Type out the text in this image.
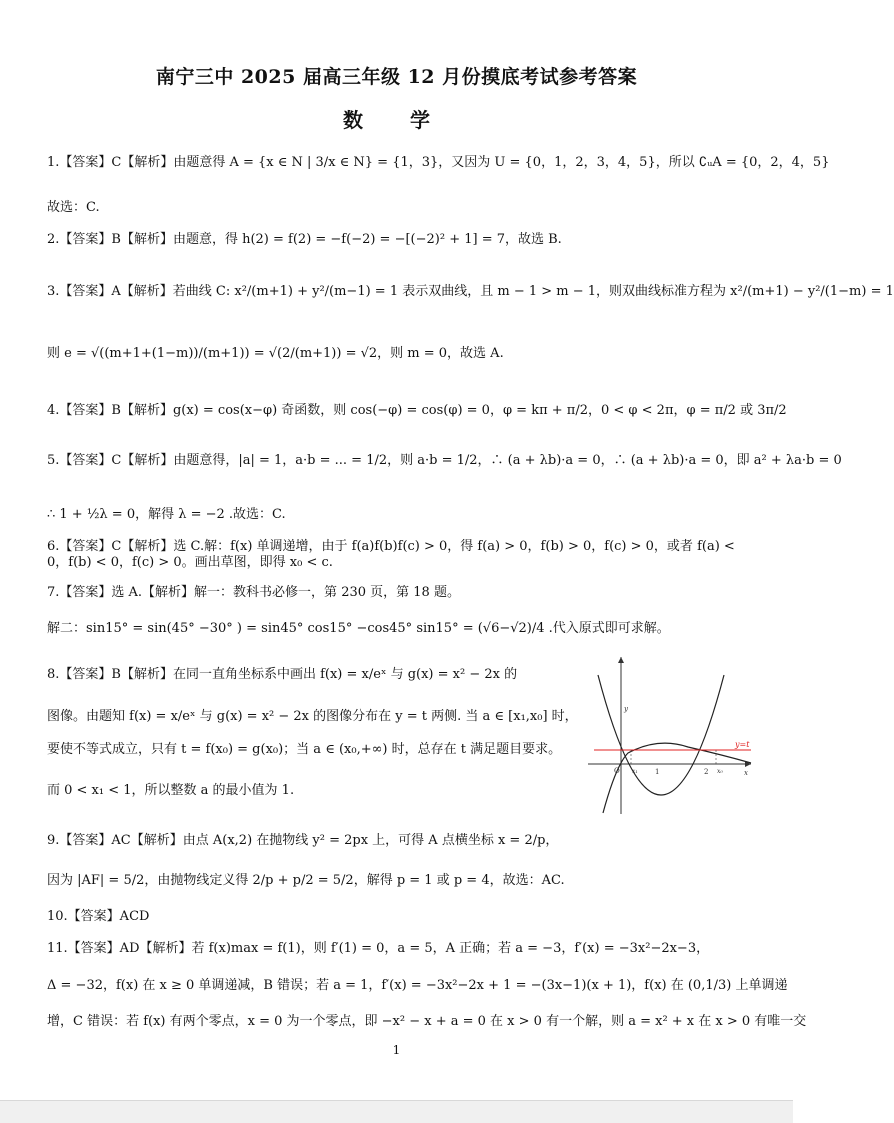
南宁三中 2025 届高三年级 12 月份摸底考试参考答案
数 学
1.【答案】C【解析】由题意得 A = {x ∈ N | 3/x ∈ N} = {1，3}，又因为 U = {0，1，2，3，4，5}，所以 ∁ᵤA = {0，2，4，5}
故选：C.
2.【答案】B【解析】由题意，得 h(2) = f(2) = −f(−2) = −[(−2)² + 1] = 7，故选 B.
3.【答案】A【解析】若曲线 C: x²/(m+1) + y²/(m−1) = 1 表示双曲线，且 m − 1 > m − 1，则双曲线标准方程为 x²/(m+1) − y²/(1−m) = 1
则 e = √((m+1+(1−m))/(m+1)) = √(2/(m+1)) = √2，则 m = 0，故选 A.
4.【答案】B【解析】g(x) = cos(x−φ) 奇函数，则 cos(−φ) = cos(φ) = 0，φ = kπ + π/2，0 < φ < 2π，φ = π/2 或 3π/2
5.【答案】C【解析】由题意得，|a| = 1，a·b = ... = 1/2，则 a·b = 1/2，∴ (a + λb)·a = 0，∴ (a + λb)·a = 0，即 a² + λa·b = 0
∴ 1 + ½λ = 0，解得 λ = −2 .故选：C.
6.【答案】C【解析】选 C.解：f(x) 单调递增，由于 f(a)f(b)f(c) > 0，得 f(a) > 0，f(b) > 0，f(c) > 0，或者 f(a) < 0，f(b) < 0，f(c) > 0。画出草图，即得 x₀ < c.
7.【答案】选 A.【解析】解一：教科书必修一，第 230 页，第 18 题。
解二：sin15° = sin(45° −30° ) = sin45° cos15° −cos45° sin15° = (√6−√2)/4 .代入原式即可求解。
8.【答案】B【解析】在同一直角坐标系中画出 f(x) = x/eˣ 与 g(x) = x² − 2x 的
图像。由题知 f(x) = x/eˣ 与 g(x) = x² − 2x 的图像分布在 y = t 两侧. 当 a ∈ [x₁,x₀] 时，
要使不等式成立，只有 t = f(x₀) = g(x₀)；当 a ∈ (x₀,+∞) 时，总存在 t 满足题目要求。
而 0 < x₁ < 1，所以整数 a 的最小值为 1.
9.【答案】AC【解析】由点 A(x,2) 在抛物线 y² = 2px 上，可得 A 点横坐标 x = 2/p，
因为 |AF| = 5/2，由抛物线定义得 2/p + p/2 = 5/2，解得 p = 1 或 p = 4，故选：AC.
10.【答案】ACD
11.【答案】AD【解析】若 f(x)max = f(1)，则 f′(1) = 0，a = 5，A 正确；若 a = −3，f′(x) = −3x²−2x−3，
Δ = −32，f(x) 在 x ≥ 0 单调递减，B 错误；若 a = 1，f′(x) = −3x²−2x + 1 = −(3x−1)(x + 1)，f(x) 在 (0,1/3) 上单调递
增，C 错误：若 f(x) 有两个零点，x = 0 为一个零点，即 −x² − x + a = 0 在 x > 0 有一个解，则 a = x² + x 在 x > 0 有唯一交
y
x
y=t
O x₁ 1	2 x₀
1
